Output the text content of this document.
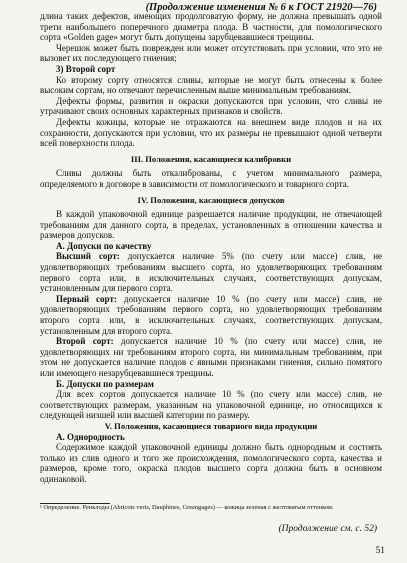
(Продолжение изменения № 6 к ГОСТ 21920—76)

длина таких дефектов, имеющих продолговатую форму, не должна превышать одной трети наибольшего поперечного диаметра плода. В частности, для помологического сорта «Golden gage» могут быть допущены зарубцевавшиеся трещины.

Черешок может быть поврежден или может отсутствовать при условии, что это не вызовет их последующего гниения;

3) Второй сорт

Ко второму сорту относятся сливы, которые не могут быть отнесены к более высоким сортам, но отвечают перечисленным выше минимальным требованиям.

Дефекты формы, развития и окраски допускаются при условии, что сливы не утрачивают своих основных характерных признаков и свойств.

Дефекты кожицы, которые не отражаются на внешнем виде плодов и на их сохранности, допускаются при условии, что их размеры не превышают одной четверти всей поверхности плода.

III. Положения, касающиеся калибровки

Сливы должны быть откалиброваны, с учетом минимального размера, определяемого в договоре в зависимости от помологического и товарного сорта.

IV. Положения, касающиеся допусков

В каждой упаковочной единице разрешается наличие продукции, не отвечающей требованиям для данного сорта, в пределах, установленных в отношении качества и размеров допусков.

А. Допуски по качеству

Высший сорт: допускается наличие 5% (по счету или массе) слив, не удовлетворяющих требованиям высшего сорта, но удовлетворяющих требованиям первого сорта или, в исключительных случаях, соответствующих допускам, установленным для первого сорта.

Первый сорт: допускается наличие 10 % (по счету или массе) слив, не удовлетворяющих требованиям первого сорта, но удовлетворяющих требованиям второго сорта или, в исключительных случаях, соответствующих допускам, установленным для второго сорта.

Второй сорт: допускается наличие 10 % (по счету или массе) слив, не удовлетворяющих ни требованиям второго сорта, ни минимальным требованиям, при этом не допускается наличие плодов с явными признаками гниения, сильно помятого или имеющего незарубцевавшиеся трещины.

Б. Допуски по размерам

Для всех сортов допускается наличие 10 % (по счету или массе) слив, не соответствующих размерам, указанным на упаковочной единице, но относящихся к следующей низшей или высшей категории по размеру.

V. Положения, касающиеся товарного вида продукции

А. Однородность

Содержимое каждой упаковочной единицы должно быть однородным и состоять только из слив одного и того же происхождения, помологического сорта, качества и размеров, кроме того, окраска плодов высшего сорта должна быть в основном одинаковой.

¹ Определение. Ренклоды (Abricots verts, Dauphines, Greengages) — кожица зеленая с желтоватым оттенком.
(Продолжение см. с. 52)
51
